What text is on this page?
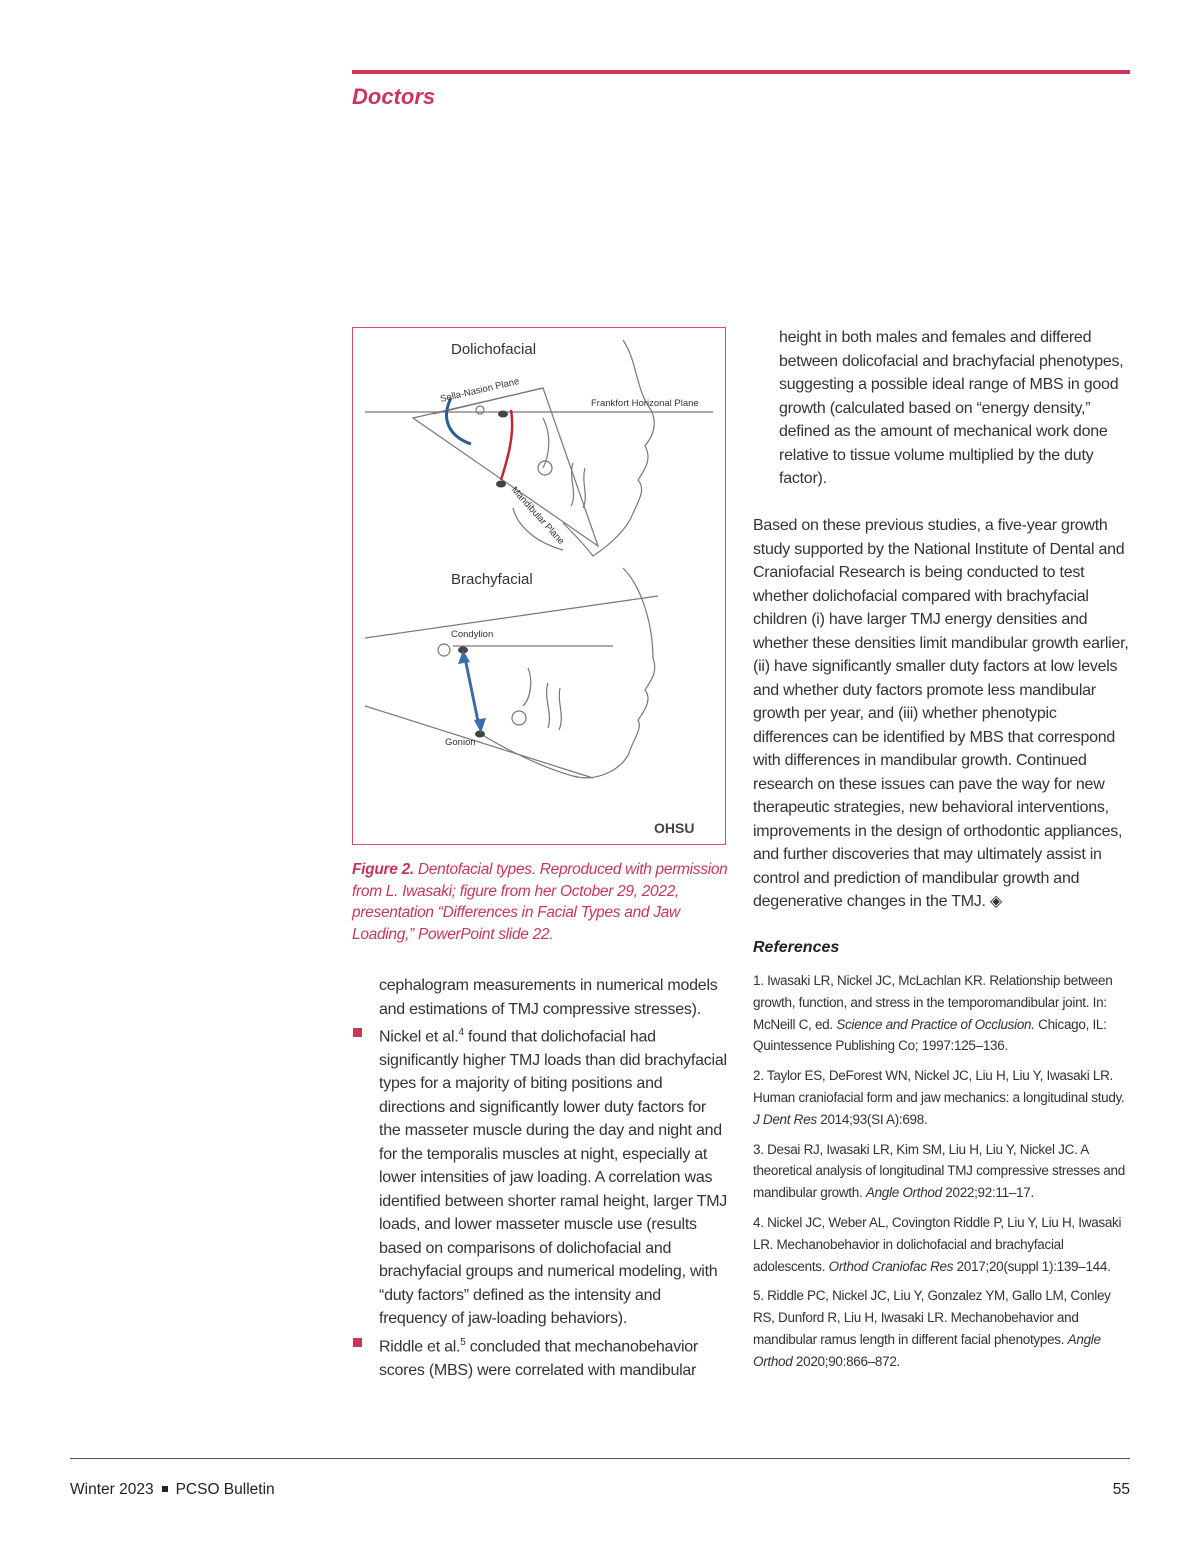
Doctors
Dolichofacial
Sella-Nasion Plane	Frankfort Horizonal Plane
Mandibular Plane
Brachyfacial
Condylion
Gonion
OHSU
Figure 2. Dentofacial types. Reproduced with permission from L. Iwasaki; figure from her October 29, 2022, presentation “Differences in Facial Types and Jaw Loading,” PowerPoint slide 22.

cephalogram measurements in numerical models and estimations of TMJ compressive stresses).

Nickel et al.$^4$ found that dolichofacial had significantly higher TMJ loads than did brachyfacial types for a majority of biting positions and directions and significantly lower duty factors for the masseter muscle during the day and night and for the temporalis muscles at night, especially at lower intensities of jaw loading. A correlation was identified between shorter ramal height, larger TMJ loads, and lower masseter muscle use (results based on comparisons of dolichofacial and brachyfacial groups and numerical modeling, with “duty factors” defined as the intensity and frequency of jaw-loading behaviors).

Riddle et al.$^5$ concluded that mechanobehavior scores (MBS) were correlated with mandibular

height in both males and females and differed between dolicofacial and brachyfacial phenotypes, suggesting a possible ideal range of MBS in good growth (calculated based on “energy density,” defined as the amount of mechanical work done relative to tissue volume multiplied by the duty factor).
Based on these previous studies, a five-year growth study supported by the National Institute of Dental and Craniofacial Research is being conducted to test whether dolichofacial compared with brachyfacial children (i) have larger TMJ energy densities and whether these densities limit mandibular growth earlier, (ii) have significantly smaller duty factors at low levels and whether duty factors promote less mandibular growth per year, and (iii) whether phenotypic differences can be identified by MBS that correspond with differences in mandibular growth. Continued research on these issues can pave the way for new therapeutic strategies, new behavioral interventions, improvements in the design of orthodontic appliances, and further discoveries that may ultimately assist in control and prediction of mandibular growth and degenerative changes in the TMJ. ◈
References

1. Iwasaki LR, Nickel JC, McLachlan KR. Relationship between growth, function, and stress in the temporomandibular joint. In: McNeill C, ed. Science and Practice of Occlusion. Chicago, IL: Quintessence Publishing Co; 1997:125–136.

2. Taylor ES, DeForest WN, Nickel JC, Liu H, Liu Y, Iwasaki LR. Human craniofacial form and jaw mechanics: a longitudinal study. J Dent Res 2014;93(SI A):698.

3. Desai RJ, Iwasaki LR, Kim SM, Liu H, Liu Y, Nickel JC. A theoretical analysis of longitudinal TMJ compressive stresses and mandibular growth. Angle Orthod 2022;92:11–17.

4. Nickel JC, Weber AL, Covington Riddle P, Liu Y, Liu H, Iwasaki LR. Mechanobehavior in dolichofacial and brachyfacial adolescents. Orthod Craniofac Res 2017;20(suppl 1):139–144.

5. Riddle PC, Nickel JC, Liu Y, Gonzalez YM, Gallo LM, Conley RS, Dunford R, Liu H, Iwasaki LR. Mechanobehavior and mandibular ramus length in different facial phenotypes. Angle Orthod 2020;90:866–872.

Winter 2023 PCSO Bulletin	55
